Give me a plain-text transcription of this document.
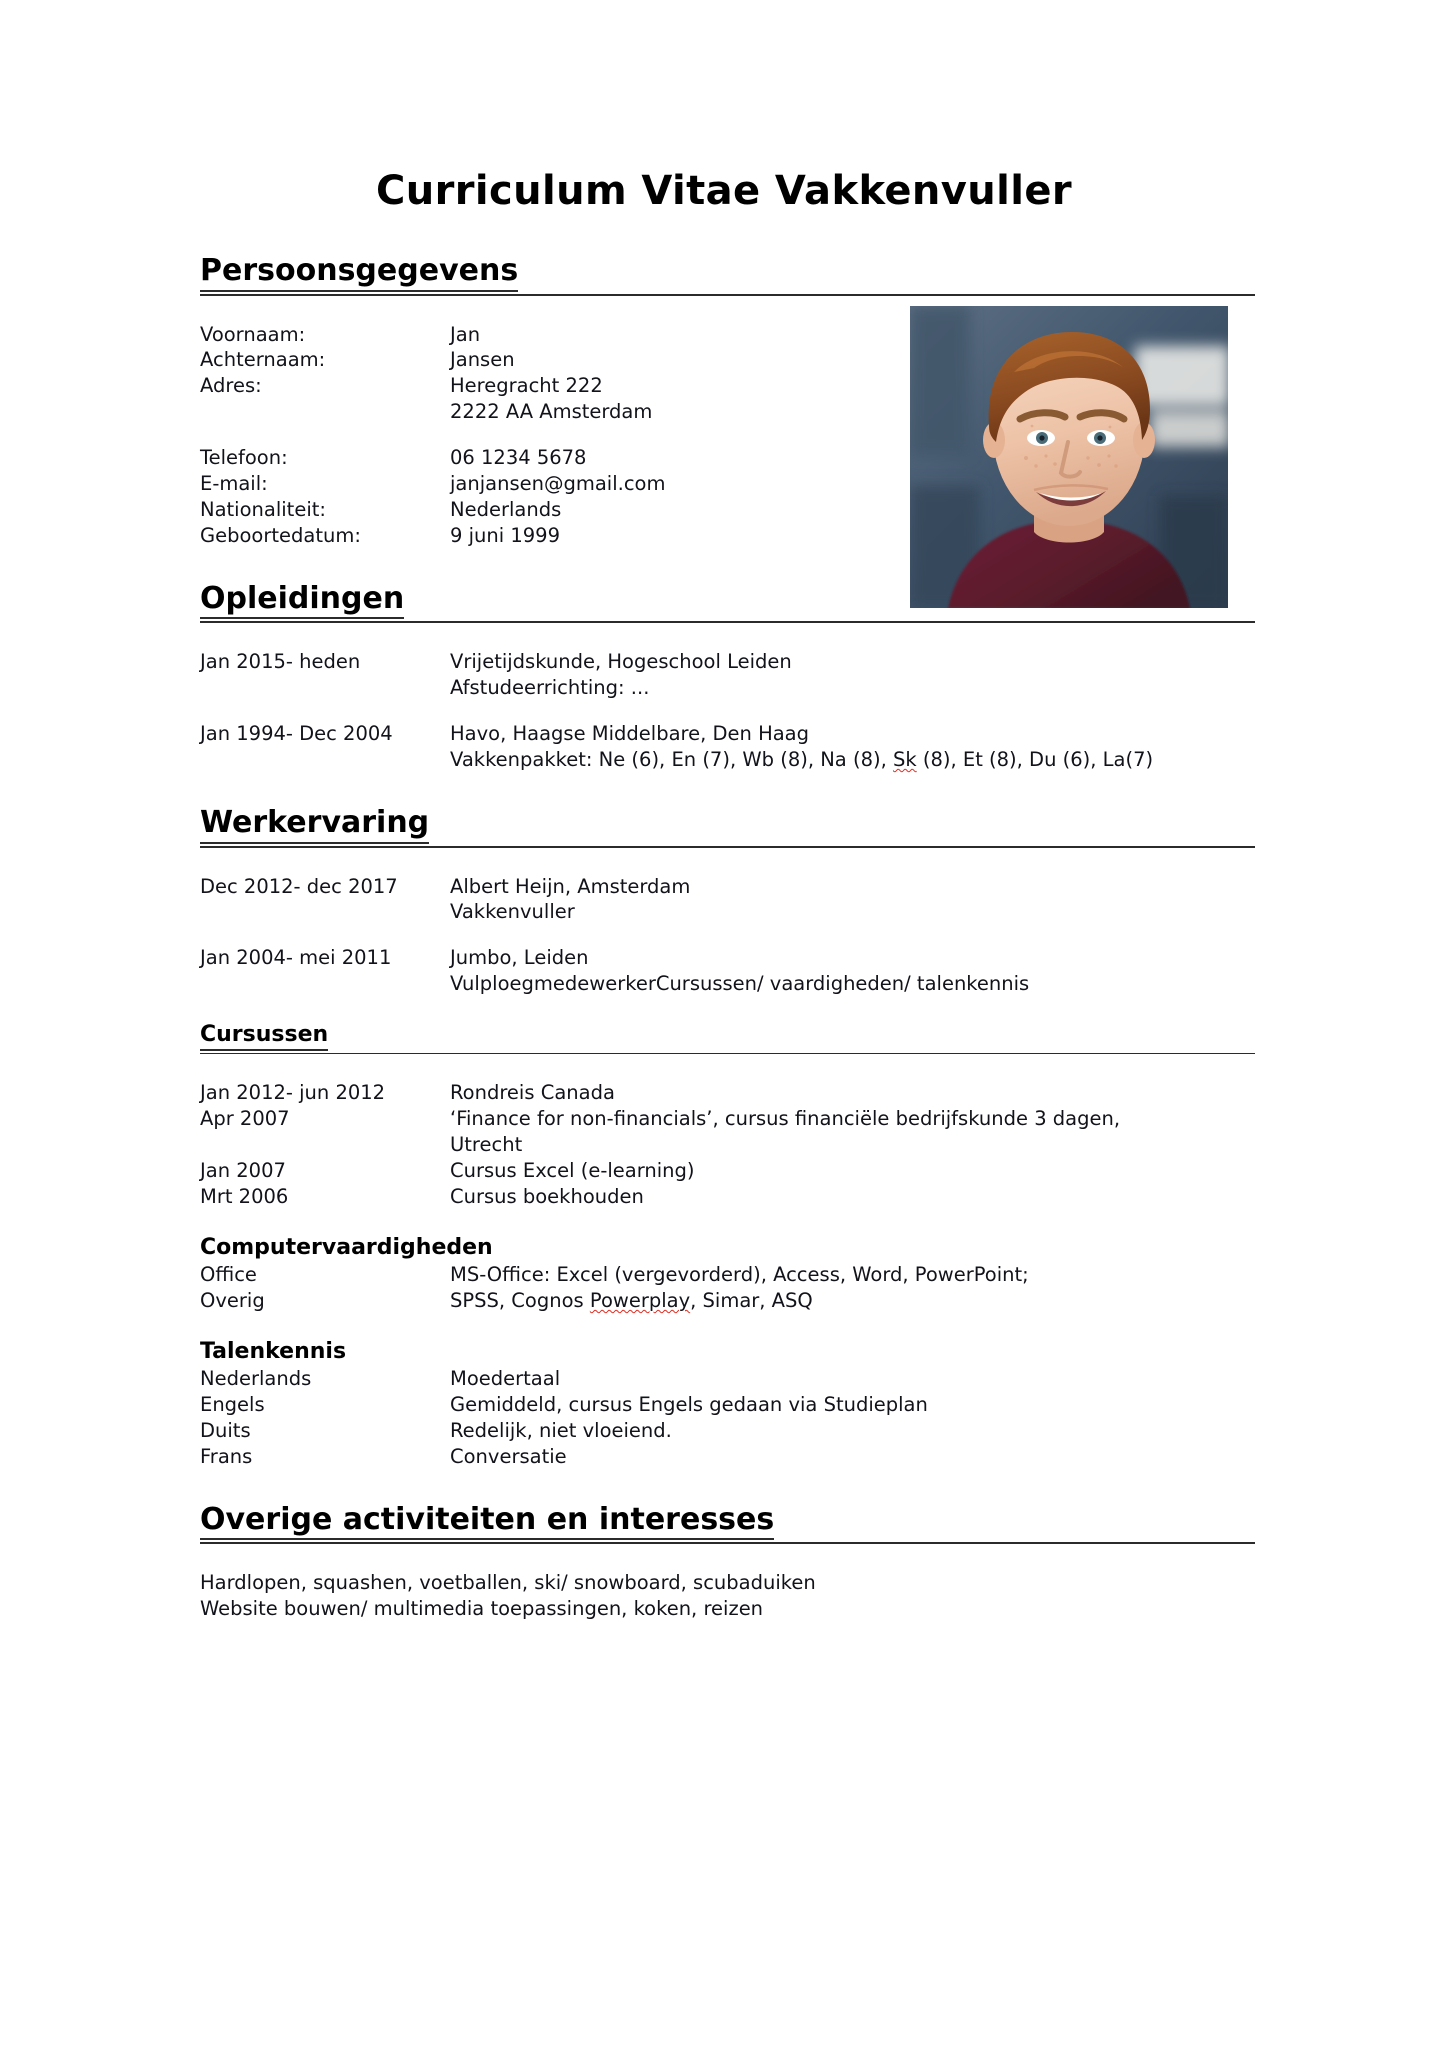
Curriculum Vitae Vakkenvuller
Persoonsgegevens
Voornaam:	Jan
Achternaam:	Jansen
Adres:	Heregracht 222
	2222 AA Amsterdam

Telefoon:	06 1234 5678
E-mail:	janjansen@gmail.com
Nationaliteit:	Nederlands
Geboortedatum:	9 juni 1999
Opleidingen
Jan 2015- heden	Vrijetijdskunde, Hogeschool Leiden
Afstudeerrichting: ...

Jan 1994- Dec 2004	Havo, Haagse Middelbare, Den Haag
Vakkenpakket: Ne (6), En (7), Wb (8), Na (8), Sk (8), Et (8), Du (6), La(7)
Werkervaring
Dec 2012- dec 2017	Albert Heijn, Amsterdam
Vakkenvuller

Jan 2004- mei 2011	Jumbo, Leiden
VulploegmedewerkerCursussen/ vaardigheden/ talenkennis
Cursussen
Jan 2012- jun 2012	Rondreis Canada
Apr 2007	‘Finance for non-financials’, cursus financiële bedrijfskunde 3 dagen,
Utrecht

Jan 2007	Cursus Excel (e-learning)
Mrt 2006	Cursus boekhouden
Computervaardigheden
Office	MS-Office: Excel (vergevorderd), Access, Word, PowerPoint;
Overig	SPSS, Cognos Powerplay, Simar, ASQ
Talenkennis
Nederlands	Moedertaal
Engels	Gemiddeld, cursus Engels gedaan via Studieplan
Duits	Redelijk, niet vloeiend.
Frans	Conversatie
Overige activiteiten en interesses
Hardlopen, squashen, voetballen, ski/ snowboard, scubaduiken
Website bouwen/ multimedia toepassingen, koken, reizen
